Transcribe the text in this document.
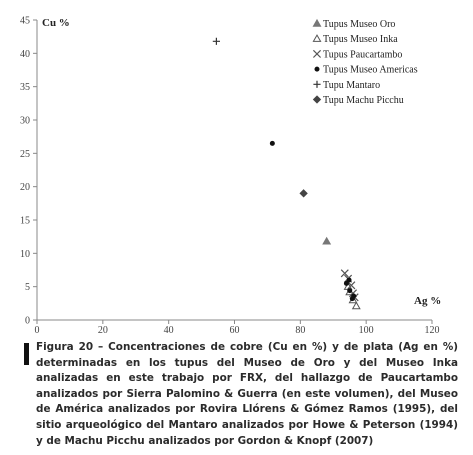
0	20	40	60	80	100	120
0
5
10
15
20
25
30
35
40
45	Tupus Museo Oro
Tupus Museo Inka
Tupus Paucartambo
Tupus Museo Americas
Tupu Mantaro
Tupu Machu Picchu
Cu %
Ag %

Figura 20 – Concentraciones de cobre (Cu en %) y de plata (Ag en %) determinadas en los tupus del Museo de Oro y del Museo Inka analizadas en este trabajo por FRX, del hallazgo de Paucartambo analizados por Sierra Palomino & Guerra (en este volumen), del Museo de América analizados por Rovira Llórens & Gómez Ramos (1995), del sitio arqueológico del Mantaro analizados por Howe & Peterson (1994) y de Machu Picchu analizados por Gordon & Knopf (2007)
